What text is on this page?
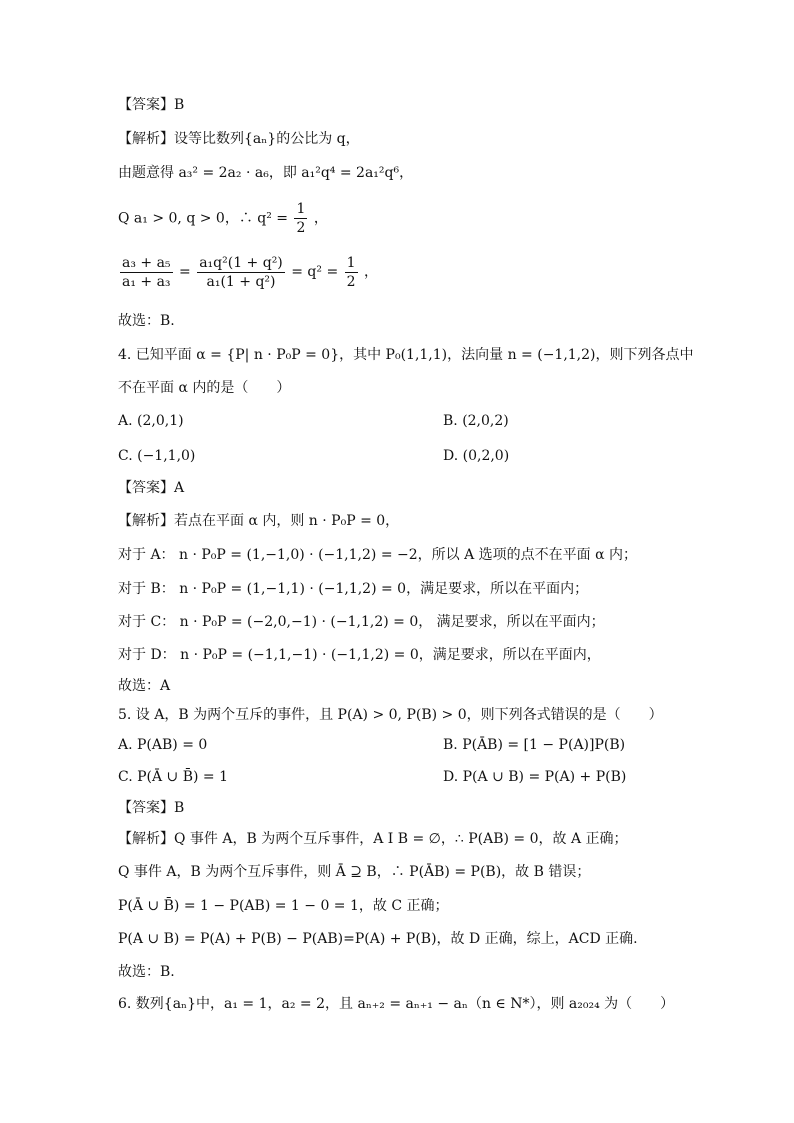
【答案】B
【解析】设等比数列{aₙ}的公比为 q，
由题意得 a₃² = 2a₂ · a₆，即 a₁²q⁴ = 2a₁²q⁶，
Q a₁ > 0, q > 0，∴ $q^2 = \frac{1}{2}$ ，
$\frac{\text{a₃ + a₅}}{\text{a₁ + a₃}} = \frac{\text{a₁q²(1 + q²)}}{\text{a₁(1 + q²)}} = q^2 = \frac{1}{2}$ ，
故选：B.
4. 已知平面 α = {P| n · P₀P = 0}，其中 P₀(1,1,1)，法向量 n = (−1,1,2)，则下列各点中
不在平面 α 内的是（　　）
A. (2,0,1)	B. (2,0,2)
C. (−1,1,0)	D. (0,2,0)
【答案】A
【解析】若点在平面 α 内，则 n · P₀P = 0，
对于 A： n · P₀P = (1,−1,0) · (−1,1,2) = −2，所以 A 选项的点不在平面 α 内；
对于 B： n · P₀P = (1,−1,1) · (−1,1,2) = 0，满足要求，所以在平面内；
对于 C： n · P₀P = (−2,0,−1) · (−1,1,2) = 0， 满足要求，所以在平面内；
对于 D： n · P₀P = (−1,1,−1) · (−1,1,2) = 0，满足要求，所以在平面内，
故选：A
5. 设 A，B 为两个互斥的事件，且 P(A) > 0, P(B) > 0，则下列各式错误的是（　　）
A. P(AB) = 0	B. P(ĀB) = [1 − P(A)]P(B)
C. P(Ā ∪ B̄) = 1	D. P(A ∪ B) = P(A) + P(B)
【答案】B
【解析】Q 事件 A，B 为两个互斥事件，A I B = ∅，∴ P(AB) = 0，故 A 正确；
Q 事件 A，B 为两个互斥事件，则 Ā ⊇ B，∴ P(ĀB) = P(B)，故 B 错误；
P(Ā ∪ B̄) = 1 − P(AB) = 1 − 0 = 1，故 C 正确；
P(A ∪ B) = P(A) + P(B) − P(AB)=P(A) + P(B)，故 D 正确，综上，ACD 正确.
故选：B.
6. 数列{aₙ}中，a₁ = 1，a₂ = 2，且 aₙ₊₂ = aₙ₊₁ − aₙ（n ∈ N*），则 a₂₀₂₄ 为（　　）
